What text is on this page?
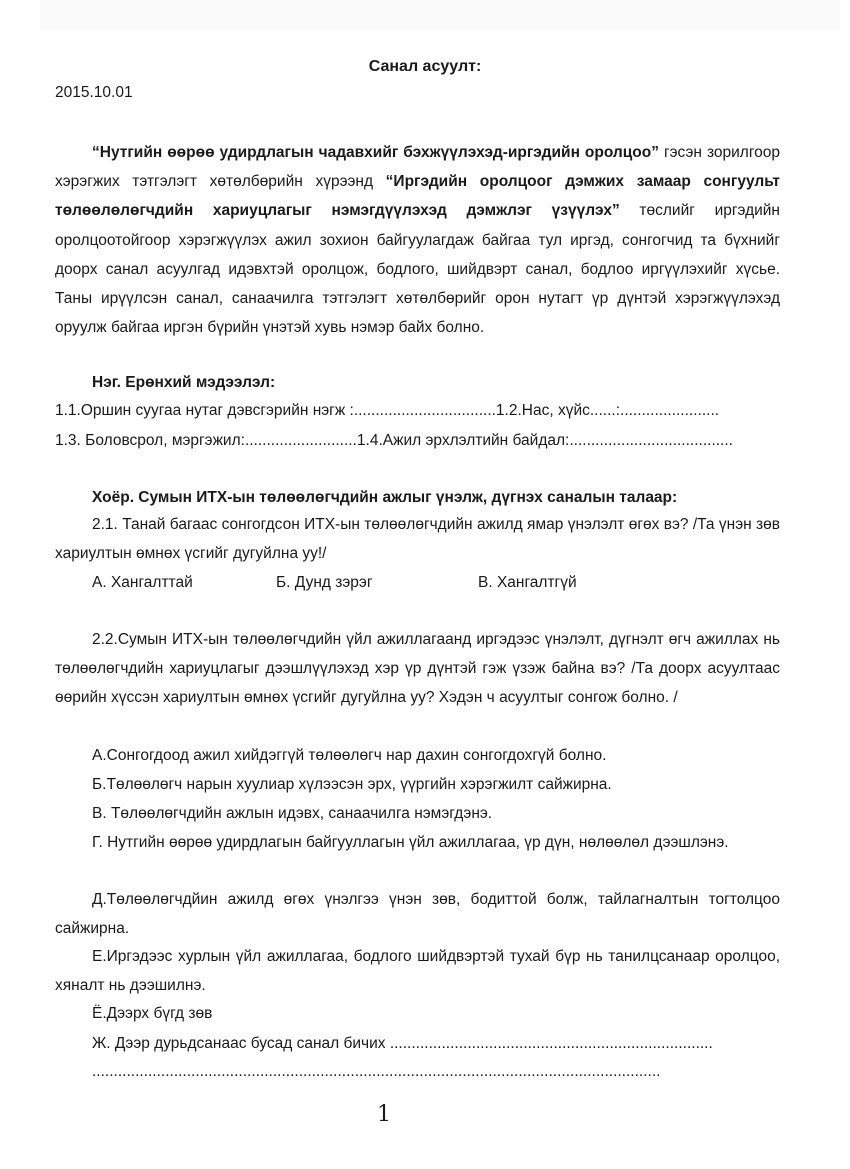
Санал асуулт:
2015.10.01
“Нутгийн өөрөө удирдлагын чадавхийг бэхжүүлэхэд-иргэдийн оролцоо” гэсэн зорилгоор хэрэгжих тэтгэлэгт хөтөлбөрийн хүрээнд “Иргэдийн оролцоог дэмжих замаар сонгуульт төлөөлөлөгчдийн хариуцлагыг нэмэгдүүлэхэд дэмжлэг үзүүлэх” төслийг иргэдийн оролцоотойгоор хэрэгжүүлэх ажил зохион байгуулагдаж байгаа тул иргэд, сонгогчид та бүхнийг доорх санал асуулгад идэвхтэй оролцож, бодлого, шийдвэрт санал, бодлоо иргүүлэхийг хүсье. Таны ирүүлсэн санал, санаачилга тэтгэлэгт хөтөлбөрийг орон нутагт үр дүнтэй хэрэгжүүлэхэд оруулж байгаа иргэн бүрийн үнэтэй хувь нэмэр байх болно.
Нэг. Ерөнхий мэдээлэл:
1.1.Оршин суугаа нутаг дэвсгэрийн нэгж :.................................1.2.Нас, хүйс......:.......................
1.3. Боловсрол, мэргэжил:..........................1.4.Ажил эрхлэлтийн байдал:......................................
Хоёр. Сумын ИТХ-ын төлөөлөгчдийн ажлыг үнэлж, дүгнэх саналын талаар:
2.1. Танай багаас сонгогдсон ИТХ-ын төлөөлөгчдийн ажилд ямар үнэлэлт өгөх вэ? /Та үнэн зөв хариултын өмнөх үсгийг дугуйлна уу!/
А. Хангалттай	Б. Дунд зэрэг	В. Хангалтгүй
2.2.Сумын ИТХ-ын төлөөлөгчдийн үйл ажиллагаанд иргэдээс үнэлэлт, дүгнэлт өгч ажиллах нь төлөөлөгчдийн хариуцлагыг дээшлүүлэхэд хэр үр дүнтэй гэж үзэж байна вэ? /Та доорх асуултаас өөрийн хүссэн хариултын өмнөх үсгийг дугуйлна уу? Хэдэн ч асуултыг сонгож болно. /
А.Сонгогдоод ажил хийдэггүй төлөөлөгч нар дахин сонгогдохгүй болно.
Б.Төлөөлөгч нарын хуулиар хүлээсэн эрх, үүргийн хэрэгжилт сайжирна.
В. Төлөөлөгчдийн ажлын идэвх, санаачилга нэмэгдэнэ.
Г. Нутгийн өөрөө удирдлагын байгууллагын үйл ажиллагаа, үр дүн, нөлөөлөл дээшлэнэ.
Д.Төлөөлөгчдйин ажилд өгөх үнэлгээ үнэн зөв, бодиттой болж, тайлагналтын тогтолцоо сайжирна.
Е.Иргэдээс хурлын үйл ажиллагаа, бодлого шийдвэртэй тухай бүр нь танилцсанаар оролцоо, хяналт нь дээшилнэ.
Ё.Дээрх бүгд зөв
Ж. Дээр дурьдсанаас бусад санал бичих ...........................................................................
....................................................................................................................................
1
